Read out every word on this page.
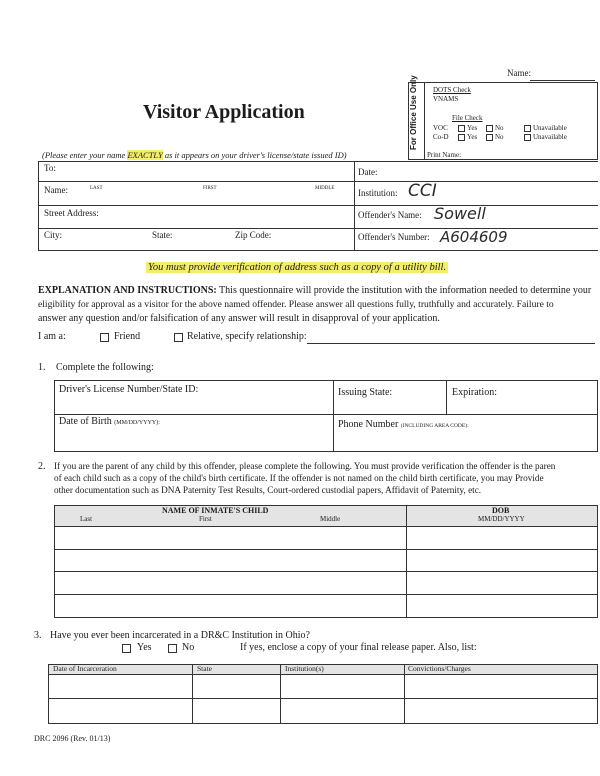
Name:
Visitor Application	For Office Use Only DOTS Check
VNAMS
File Check
VOC	Yes	No	Unavailable
Co-D	Yes	No	Unavailable
Print Name:
(Please enter your name EXACTLY as it appears on your driver's license/state issued ID)
To:	Date:
Name:	LAST	FIRST	MIDDLE	Institution: CCI
Street Address:	Offender's Name: Sowell
City:	State:	Zip Code:	Offender's Number: A604609
You must provide verification of address such as a copy of a utility bill.
EXPLANATION AND INSTRUCTIONS: This questionnaire will provide the institution with the information needed to determine your
eligibility for approval as a visitor for the above named offender. Please answer all questions fully, truthfully and accurately. Failure to
answer any question and/or falsification of any answer will result in disapproval of your application.
I am a:	Friend	Relative, specify relationship:
1. Complete the following:
Driver's License Number/State ID:	Issuing State:	Expiration:
Date of Birth (MM/DD/YYYY):	Phone Number (INCLUDING AREA CODE):
2. If you are the parent of any child by this offender, please complete the following. You must provide verification the offender is the paren
of each child such as a copy of the child's birth certificate. If the offender is not named on the child birth certificate, you may Provide
other documentation such as DNA Paternity Test Results, Court-ordered custodial papers, Affidavit of Paternity, etc.
NAME OF INMATE'S CHILD
Last	First	Middle
DOB
MM/DD/YYYY
3. Have you ever been incarcerated in a DR&C Institution in Ohio?
Yes	No	If yes, enclose a copy of your final release paper. Also, list:
Date of Incarceration	State	Institution(s)	Convictions/Charges
DRC 2096 (Rev. 01/13)
